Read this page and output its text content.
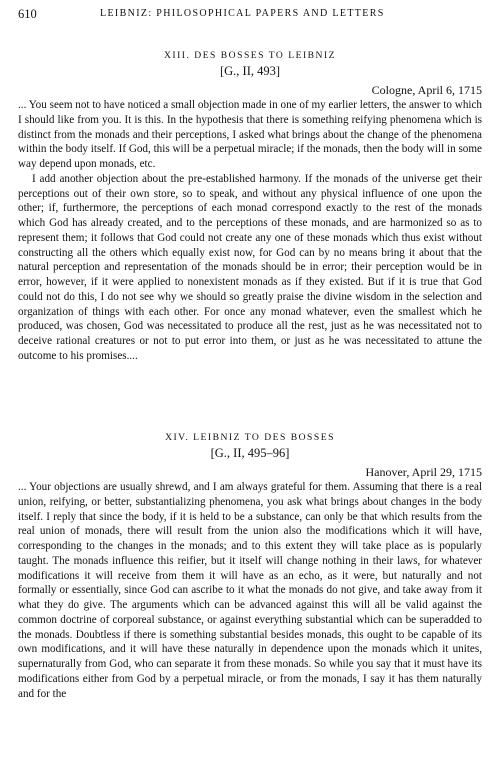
610	LEIBNIZ: PHILOSOPHICAL PAPERS AND LETTERS

XIII. DES BOSSES TO LEIBNIZ

[G., II, 493]

Cologne, April 6, 1715

... You seem not to have noticed a small objection made in one of my earlier letters, the answer to which I should like from you. It is this. In the hypothesis that there is something reifying phenomena which is distinct from the monads and their perceptions, I asked what brings about the change of the phenomena within the body itself. If God, this will be a perpetual miracle; if the monads, then the body will in some way depend upon monads, etc.

I add another objection about the pre-established harmony. If the monads of the universe get their perceptions out of their own store, so to speak, and without any physical influence of one upon the other; if, furthermore, the perceptions of each monad correspond exactly to the rest of the monads which God has already created, and to the perceptions of these monads, and are harmonized so as to represent them; it follows that God could not create any one of these monads which thus exist without constructing all the others which equally exist now, for God can by no means bring it about that the natural perception and representation of the monads should be in error; their perception would be in error, however, if it were applied to nonexistent monads as if they existed. But if it is true that God could not do this, I do not see why we should so greatly praise the divine wisdom in the selection and organization of things with each other. For once any monad whatever, even the smallest which he produced, was chosen, God was necessitated to produce all the rest, just as he was necessitated not to deceive rational creatures or not to put error into them, or just as he was necessitated to attune the outcome to his promises....

XIV. LEIBNIZ TO DES BOSSES

[G., II, 495–96]

Hanover, April 29, 1715

... Your objections are usually shrewd, and I am always grateful for them. Assuming that there is a real union, reifying, or better, substantializing phenomena, you ask what brings about changes in the body itself. I reply that since the body, if it is held to be a substance, can only be that which results from the real union of monads, there will result from the union also the modifications which it will have, corresponding to the changes in the monads; and to this extent they will take place as is popularly taught. The monads influence this reifier, but it itself will change nothing in their laws, for whatever modifications it will receive from them it will have as an echo, as it were, but naturally and not formally or essentially, since God can ascribe to it what the monads do not give, and take away from it what they do give. The arguments which can be advanced against this will all be valid against the common doctrine of corporeal substance, or against everything substantial which can be superadded to the monads. Doubtless if there is something substantial besides monads, this ought to be capable of its own modifications, and it will have these naturally in dependence upon the monads which it unites, supernaturally from God, who can separate it from these monads. So while you say that it must have its modifications either from God by a perpetual miracle, or from the monads, I say it has them naturally and for the
